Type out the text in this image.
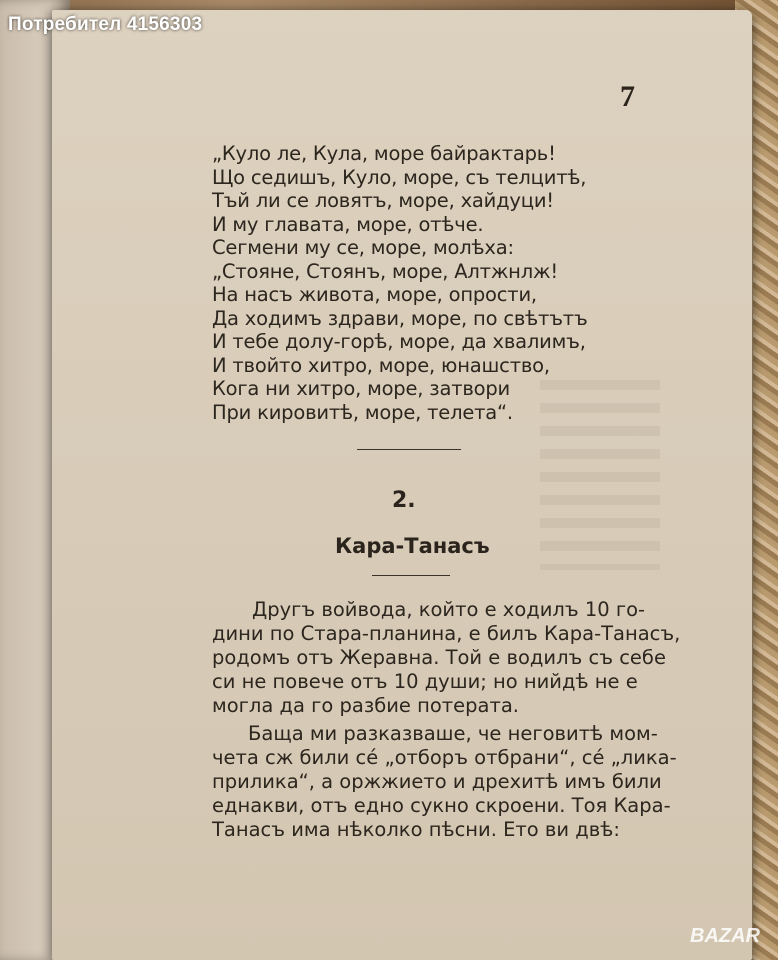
Потребител 4156303
7
„Куло ле, Кула, море байрактарь!
Що седишъ, Куло, море, съ телцитѣ,
Тъй ли се ловятъ, море, хайдуци!
И му главата, море, отѣче.
Сегмени му се, море, молѣха:
„Стояне, Стоянъ, море, Алтжнлж!
На насъ живота, море, опрости,
Да ходимъ здрави, море, по свѣтътъ
И тебе долу-горѣ, море, да хвалимъ,
И твойто хитро, море, юнашство,
Кога ни хитро, море, затвори
При кировитѣ, море, телета“.
2.
Кара-Танасъ
Другъ войвода, който е ходилъ 10 го-
дини по Стара-планина, е билъ Кара-Танасъ,
родомъ отъ Жеравна. Той е водилъ съ себе
си не повече отъ 10 души; но нийдѣ не е
могла да го разбие потерата.
Баща ми разказваше, че неговитѣ мом-
чета сж били сé „отборъ отбрани“, сé „лика-
прилика“, а оржжието и дрехитѣ имъ били
еднакви, отъ едно сукно скроени. Тоя Кара-
Танасъ има нѣколко пѣсни. Ето ви двѣ:
BAZAR
